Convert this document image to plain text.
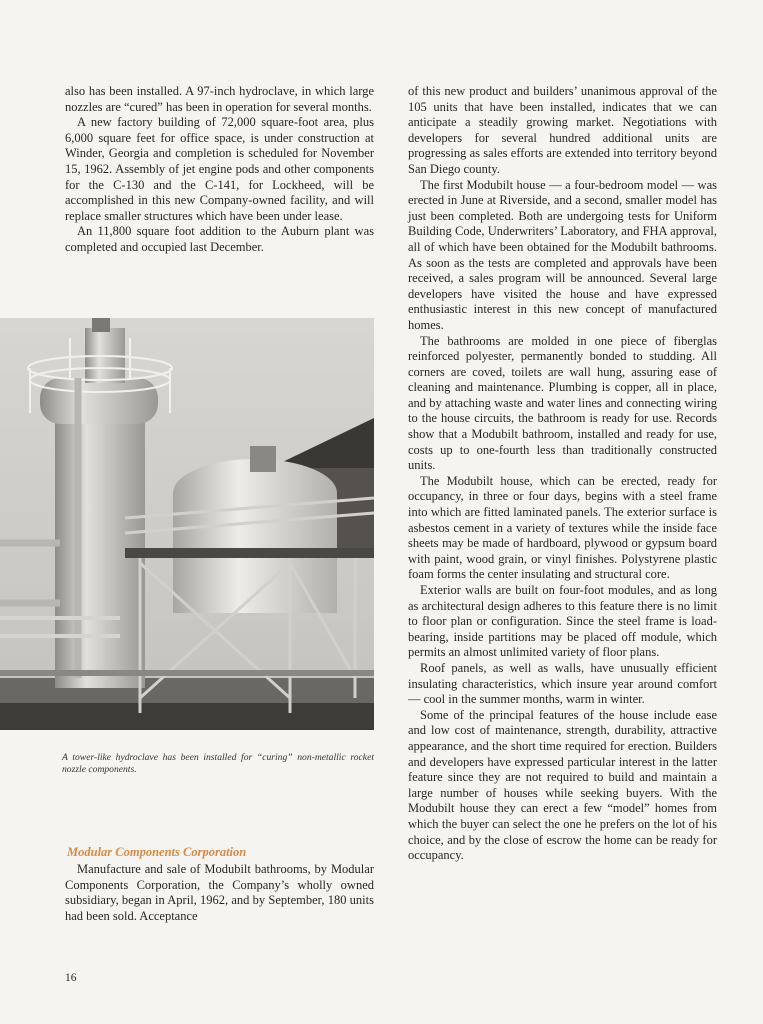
also has been installed. A 97-inch hydroclave, in which large nozzles are “cured” has been in operation for several months.

A new factory building of 72,000 square-foot area, plus 6,000 square feet for office space, is under construction at Winder, Georgia and completion is scheduled for November 15, 1962. Assembly of jet engine pods and other components for the C-130 and the C-141, for Lockheed, will be accomplished in this new Company-owned facility, and will replace smaller structures which have been under lease.

An 11,800 square foot addition to the Auburn plant was completed and occupied last December.

A tower-like hydroclave has been installed for “curing” non-metallic rocket nozzle components.

Modular Components Corporation

Manufacture and sale of Modubilt bathrooms, by Modular Components Corporation, the Company’s wholly owned subsidiary, began in April, 1962, and by September, 180 units had been sold. Acceptance

of this new product and builders’ unanimous approval of the 105 units that have been installed, indicates that we can anticipate a steadily growing market. Negotiations with developers for several hundred additional units are progressing as sales efforts are extended into territory beyond San Diego county.

The first Modubilt house — a four-bedroom model — was erected in June at Riverside, and a second, smaller model has just been completed. Both are undergoing tests for Uniform Building Code, Underwriters’ Laboratory, and FHA approval, all of which have been obtained for the Modubilt bathrooms. As soon as the tests are completed and approvals have been received, a sales program will be announced. Several large developers have visited the house and have expressed enthusiastic interest in this new concept of manufactured homes.

The bathrooms are molded in one piece of fiberglas reinforced polyester, permanently bonded to studding. All corners are coved, toilets are wall hung, assuring ease of cleaning and maintenance. Plumbing is copper, all in place, and by attaching waste and water lines and connecting wiring to the house circuits, the bathroom is ready for use. Records show that a Modubilt bathroom, installed and ready for use, costs up to one-fourth less than traditionally constructed units.

The Modubilt house, which can be erected, ready for occupancy, in three or four days, begins with a steel frame into which are fitted laminated panels. The exterior surface is asbestos cement in a variety of textures while the inside face sheets may be made of hardboard, plywood or gypsum board with paint, wood grain, or vinyl finishes. Polystyrene plastic foam forms the center insulating and structural core.

Exterior walls are built on four-foot modules, and as long as architectural design adheres to this feature there is no limit to floor plan or configuration. Since the steel frame is load-bearing, inside partitions may be placed off module, which permits an almost unlimited variety of floor plans.

Roof panels, as well as walls, have unusually efficient insulating characteristics, which insure year around comfort — cool in the summer months, warm in winter.

Some of the principal features of the house include ease and low cost of maintenance, strength, durability, attractive appearance, and the short time required for erection. Builders and developers have expressed particular interest in the latter feature since they are not required to build and maintain a large number of houses while seeking buyers. With the Modubilt house they can erect a few “model” homes from which the buyer can select the one he prefers on the lot of his choice, and by the close of escrow the home can be ready for occupancy.

16
